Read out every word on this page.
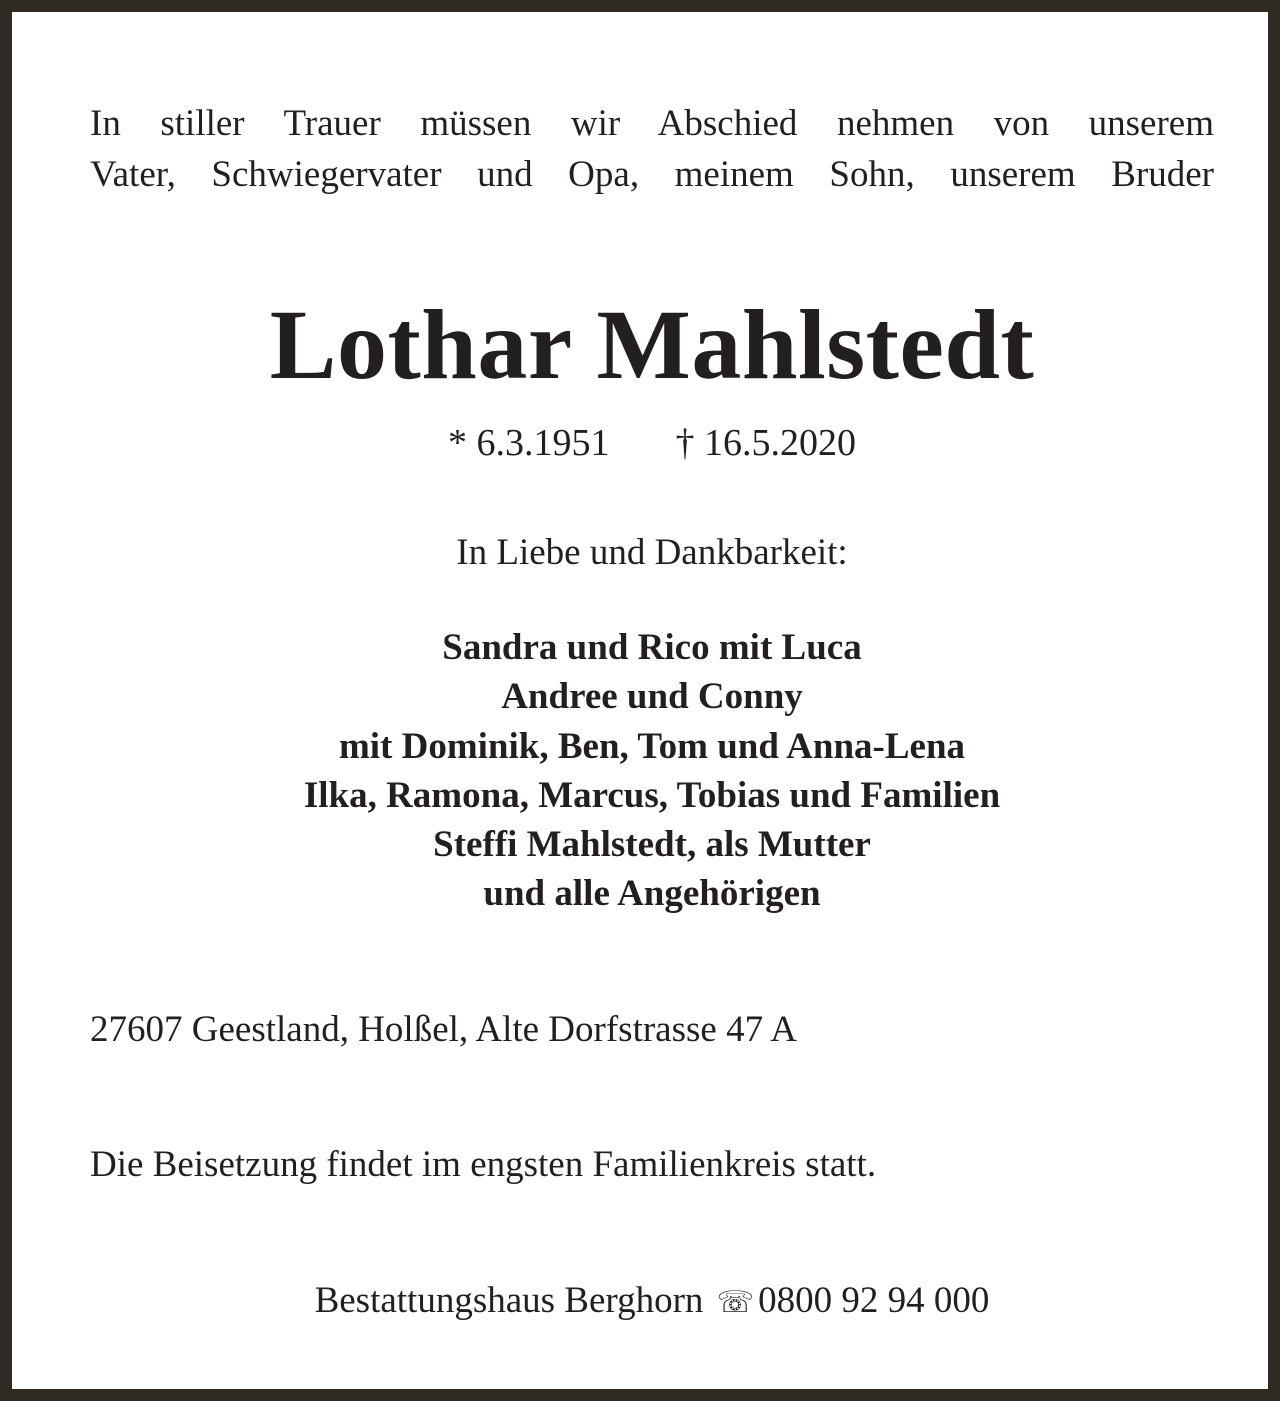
In stiller Trauer müssen wir Abschied nehmen von unserem
Vater, Schwiegervater und Opa, meinem Sohn, unserem Bruder
Lothar Mahlstedt
* 6.3.1951 † 16.5.2020
In Liebe und Dankbarkeit:
Sandra und Rico mit Luca
Andree und Conny
mit Dominik, Ben, Tom und Anna-Lena
Ilka, Ramona, Marcus, Tobias und Familien
Steffi Mahlstedt, als Mutter
und alle Angehörigen
27607 Geestland, Holßel, Alte Dorfstrasse 47 A
Die Beisetzung findet im engsten Familienkreis statt.
Bestattungshaus Berghorn ☏ 0800 92 94 000
